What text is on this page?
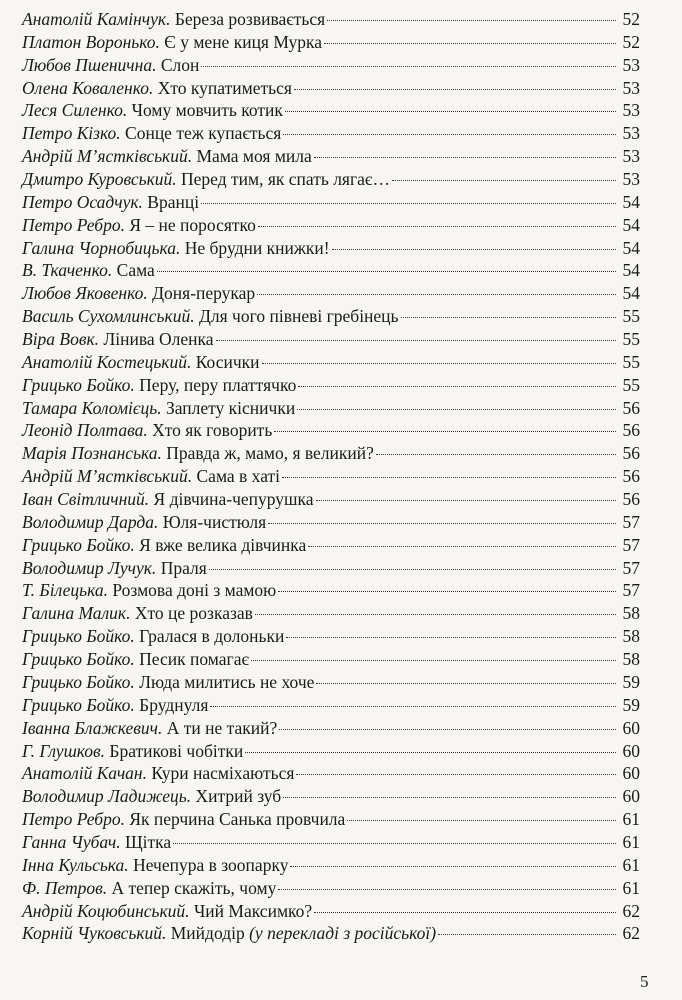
Анатолій Камінчук.
Береза розвивається	52
Платон Воронько.
Є у мене киця Мурка	52
Любов Пшенична.
Слон	53
Олена Коваленко.
Хто купатиметься	53
Леся Силенко.
Чому мовчить котик	53
Петро Кізко.
Сонце теж купається	53
Андрій М’ястківський.
Мама моя мила	53
Дмитро Куровський.
Перед тим, як спать лягає…	53
Петро Осадчук.
Вранці	54
Петро Ребро.
Я – не поросятко	54
Галина Чорнобицька.
Не брудни книжки!	54
В. Ткаченко.
Сама	54
Любов Яковенко.
Доня-перукар	54
Василь Сухомлинський.
Для чого півневі гребінець	55
Віра Вовк.
Лінива Оленка	55
Анатолій Костецький.
Косички	55
Грицько Бойко.
Перу, перу платтячко	55
Тамара Коломієць.
Заплету кіснички	56
Леонід Полтава.
Хто як говорить	56
Марія Познанська.
Правда ж, мамо, я великий?	56
Андрій М’ястківський.
Сама в хаті	56
Іван Світличний.
Я дівчина-чепурушка	56
Володимир Дарда.
Юля-чистюля	57
Грицько Бойко.
Я вже велика дівчинка	57
Володимир Лучук.
Праля	57
Т. Білецька.
Розмова доні з мамою	57
Галина Малик.
Хто це розказав	58
Грицько Бойко.
Гралася в долоньки	58
Грицько Бойко.
Песик помагає	58
Грицько Бойко.
Люда милитись не хоче	59
Грицько Бойко.
Бруднуля	59
Іванна Блажкевич.
А ти не такий?	60
Г. Глушков.
Братикові чобітки	60
Анатолій Качан.
Кури насміхаються	60
Володимир Ладижець.
Хитрий зуб	60
Петро Ребро.
Як перчина Санька провчила	61
Ганна Чубач.
Щітка	61
Інна Кульська.
Нечепура в зоопарку	61
Ф. Петров.
А тепер скажіть, чому	61
Андрій Коцюбинський.
Чий Максимко?	62
Корній Чуковський.
Мийдодір
(у перекладі з російської)	62
5
